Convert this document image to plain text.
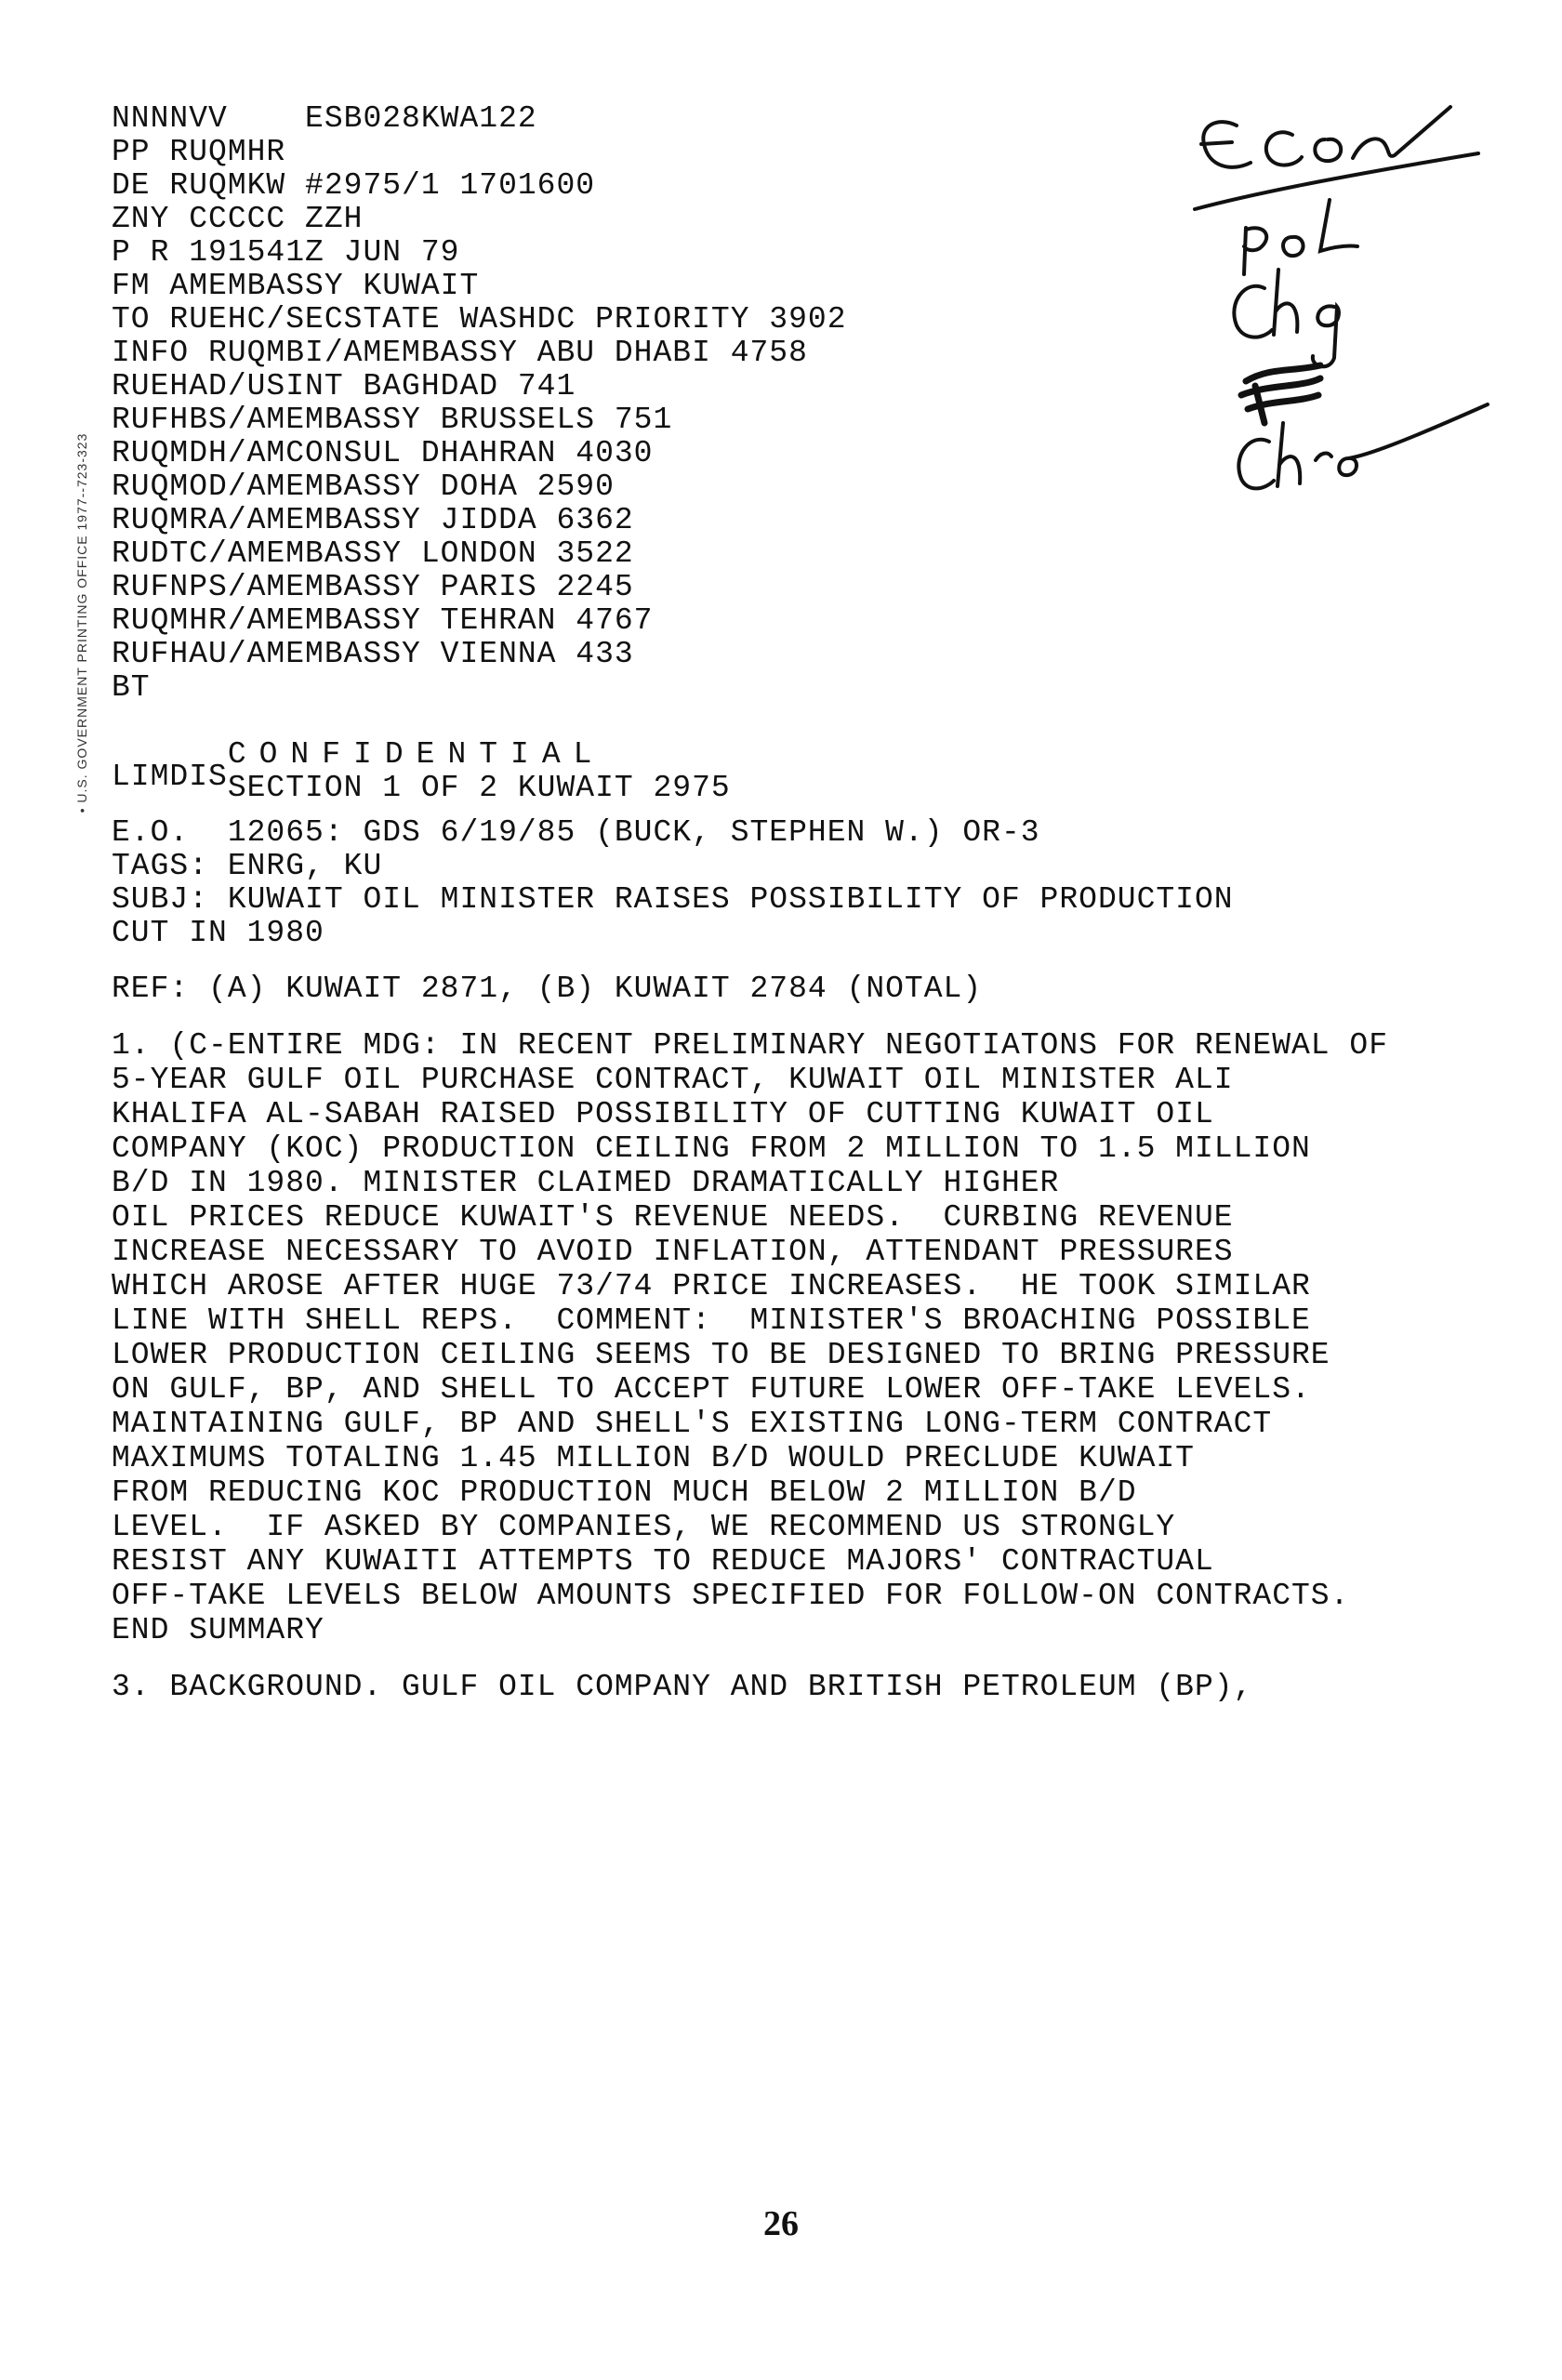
• U.S. GOVERNMENT PRINTING OFFICE 1977--723-323
NNNNVV    ESB028KWA122
PP RUQMHR
DE RUQMKW #2975/1 1701600
ZNY CCCCC ZZH
P R 191541Z JUN 79
FM AMEMBASSY KUWAIT
TO RUEHC/SECSTATE WASHDC PRIORITY 3902
INFO RUQMBI/AMEMBASSY ABU DHABI 4758
RUEHAD/USINT BAGHDAD 741
RUFHBS/AMEMBASSY BRUSSELS 751
RUQMDH/AMCONSUL DHAHRAN 4030
RUQMOD/AMEMBASSY DOHA 2590
RUQMRA/AMEMBASSY JIDDA 6362
RUDTC/AMEMBASSY LONDON 3522
RUFNPS/AMEMBASSY PARIS 2245
RUQMHR/AMEMBASSY TEHRAN 4767
RUFHAU/AMEMBASSY VIENNA 433
BT

CONFIDENTIAL
SECTION 1 OF 2 KUWAIT 2975

LIMDIS
E.O.  12065: GDS 6/19/85 (BUCK, STEPHEN W.) OR-3
TAGS: ENRG, KU
SUBJ: KUWAIT OIL MINISTER RAISES POSSIBILITY OF PRODUCTION
CUT IN 1980
REF: (A) KUWAIT 2871, (B) KUWAIT 2784 (NOTAL)
1. (C-ENTIRE MDG: IN RECENT PRELIMINARY NEGOTIATONS FOR RENEWAL OF
5-YEAR GULF OIL PURCHASE CONTRACT, KUWAIT OIL MINISTER ALI
KHALIFA AL-SABAH RAISED POSSIBILITY OF CUTTING KUWAIT OIL
COMPANY (KOC) PRODUCTION CEILING FROM 2 MILLION TO 1.5 MILLION
B/D IN 1980. MINISTER CLAIMED DRAMATICALLY HIGHER
OIL PRICES REDUCE KUWAIT'S REVENUE NEEDS.  CURBING REVENUE
INCREASE NECESSARY TO AVOID INFLATION, ATTENDANT PRESSURES
WHICH AROSE AFTER HUGE 73/74 PRICE INCREASES.  HE TOOK SIMILAR
LINE WITH SHELL REPS.  COMMENT:  MINISTER'S BROACHING POSSIBLE
LOWER PRODUCTION CEILING SEEMS TO BE DESIGNED TO BRING PRESSURE
ON GULF, BP, AND SHELL TO ACCEPT FUTURE LOWER OFF-TAKE LEVELS.
MAINTAINING GULF, BP AND SHELL'S EXISTING LONG-TERM CONTRACT
MAXIMUMS TOTALING 1.45 MILLION B/D WOULD PRECLUDE KUWAIT
FROM REDUCING KOC PRODUCTION MUCH BELOW 2 MILLION B/D
LEVEL.  IF ASKED BY COMPANIES, WE RECOMMEND US STRONGLY
RESIST ANY KUWAITI ATTEMPTS TO REDUCE MAJORS' CONTRACTUAL
OFF-TAKE LEVELS BELOW AMOUNTS SPECIFIED FOR FOLLOW-ON CONTRACTS.
END SUMMARY
3. BACKGROUND. GULF OIL COMPANY AND BRITISH PETROLEUM (BP),
26
